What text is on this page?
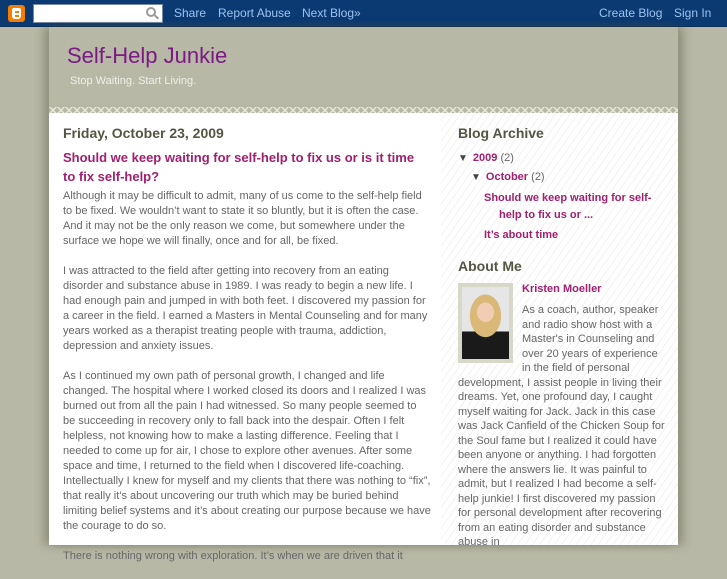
Share Report Abuse Next Blog»	Create Blog Sign In
Self-Help Junkie
Stop Waiting. Start Living.
Friday, October 23, 2009
Should we keep waiting for self-help to fix us or is it time to fix self-help?

Although it may be difficult to admit, many of us come to the self-help field to be fixed. We wouldn’t want to state it so bluntly, but it is often the case. And it may not be the only reason we come, but somewhere under the surface we hope we will finally, once and for all, be fixed.

I was attracted to the field after getting into recovery from an eating disorder and substance abuse in 1989. I was ready to begin a new life. I had enough pain and jumped in with both feet. I discovered my passion for a career in the field. I earned a Masters in Mental Counseling and for many years worked as a therapist treating people with trauma, addiction, depression and anxiety issues.

As I continued my own path of personal growth, I changed and life changed. The hospital where I worked closed its doors and I realized I was burned out from all the pain I had witnessed. So many people seemed to be succeeding in recovery only to fall back into the despair. Often I felt helpless, not knowing how to make a lasting difference. Feeling that I needed to come up for air, I chose to explore other avenues. After some space and time, I returned to the field when I discovered life-coaching. Intellectually I knew for myself and my clients that there was nothing to “fix”, that really it’s about uncovering our truth which may be buried behind limiting belief systems and it’s about creating our purpose because we have the courage to do so.

There is nothing wrong with exploration. It’s when we are driven that it

Blog Archive
▼ 2009 (2)
▼ October (2)
Should we keep waiting for self-help to fix us or ...
It’s about time
About Me
Kristen Moeller
As a coach, author, speaker
and radio show host with a
Master's in Counseling and
over 20 years of experience
in the field of personal
development, I assist people in living their dreams. Yet, one profound day, I caught myself waiting for Jack. Jack in this case was Jack Canfield of the Chicken Soup for the Soul fame but I realized it could have been anyone or anything. I had forgotten where the answers lie. It was painful to admit, but I realized I had become a self-help junkie! I first discovered my passion for personal development after recovering from an eating disorder and substance abuse in
